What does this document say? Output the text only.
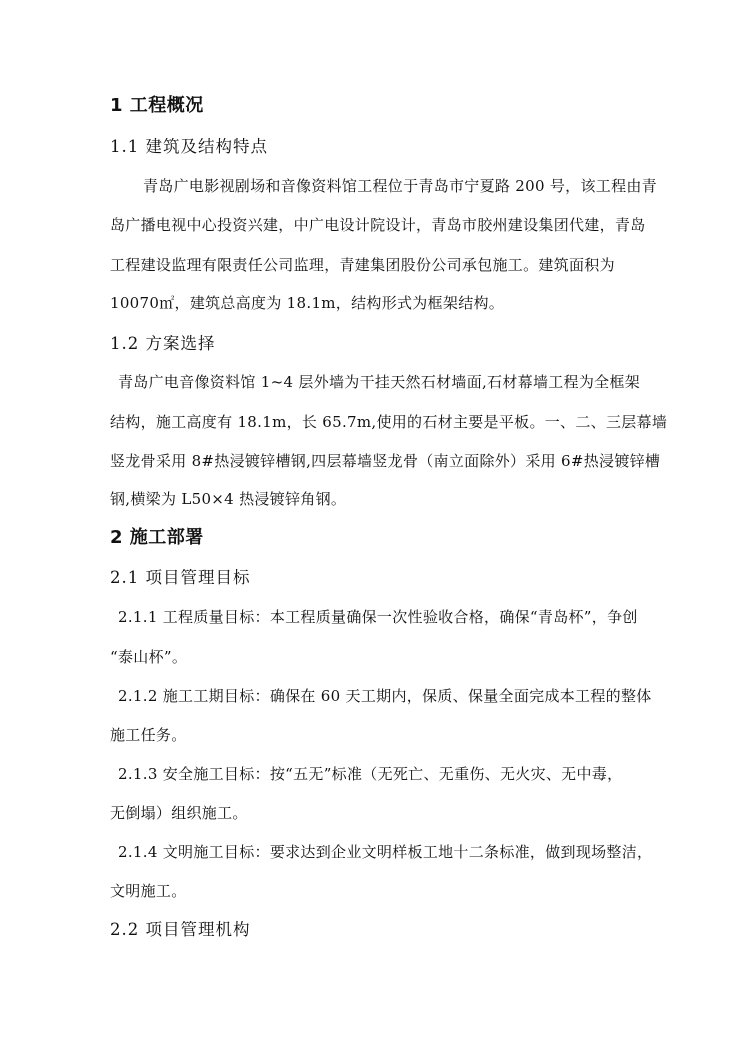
1 工程概况
1.1 建筑及结构特点
青岛广电影视剧场和音像资料馆工程位于青岛市宁夏路 200 号，该工程由青
岛广播电视中心投资兴建，中广电设计院设计，青岛市胶州建设集团代建，青岛
工程建设监理有限责任公司监理，青建集团股份公司承包施工。建筑面积为
10070㎡，建筑总高度为 18.1m，结构形式为框架结构。
1.2 方案选择
青岛广电音像资料馆 1~4 层外墙为干挂天然石材墙面,石材幕墙工程为全框架
结构，施工高度有 18.1m，长 65.7m,使用的石材主要是平板。一、二、三层幕墙
竖龙骨采用 8#热浸镀锌槽钢,四层幕墙竖龙骨（南立面除外）采用 6#热浸镀锌槽
钢,横梁为 L50×4 热浸镀锌角钢。
2 施工部署
2.1 项目管理目标
2.1.1 工程质量目标：本工程质量确保一次性验收合格，确保“青岛杯”，争创
“泰山杯”。
2.1.2 施工工期目标：确保在 60 天工期内，保质、保量全面完成本工程的整体
施工任务。
2.1.3 安全施工目标：按“五无”标准（无死亡、无重伤、无火灾、无中毒，
无倒塌）组织施工。
2.1.4 文明施工目标：要求达到企业文明样板工地十二条标准，做到现场整洁，
文明施工。
2.2 项目管理机构
